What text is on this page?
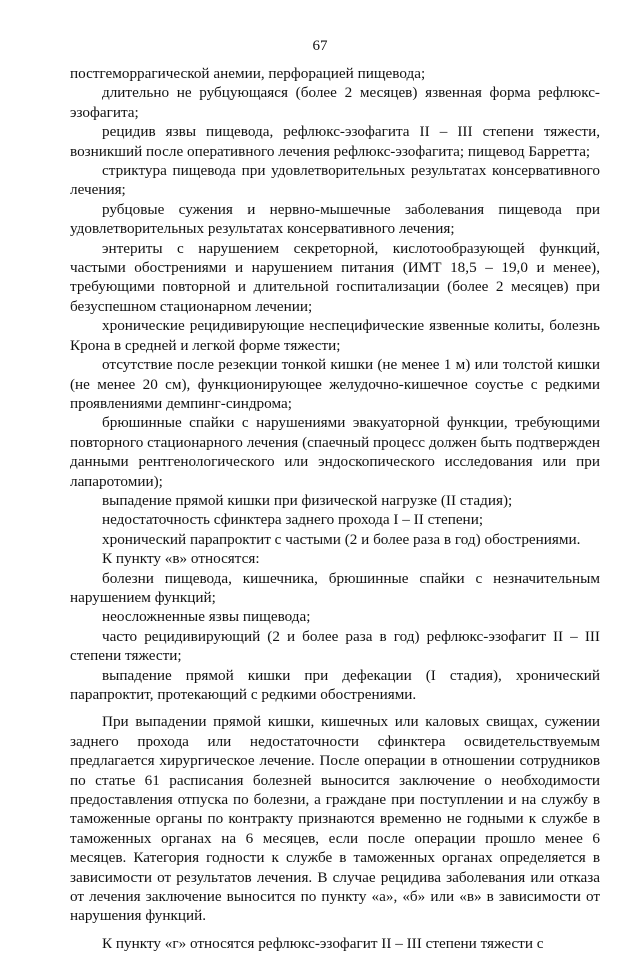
67

постгеморрагической анемии, перфорацией пищевода;

длительно не рубцующаяся (более 2 месяцев) язвенная форма рефлюкс-эзофагита;

рецидив язвы пищевода, рефлюкс-эзофагита II – III степени тяжести, возникший после оперативного лечения рефлюкс-эзофагита; пищевод Барретта;

стриктура пищевода при удовлетворительных результатах консервативного лечения;

рубцовые сужения и нервно-мышечные заболевания пищевода при удовлетворительных результатах консервативного лечения;

энтериты с нарушением секреторной, кислотообразующей функций, частыми обострениями и нарушением питания (ИМТ 18,5 – 19,0 и менее), требующими повторной и длительной госпитализации (более 2 месяцев) при безуспешном стационарном лечении;

хронические рецидивирующие неспецифические язвенные колиты, болезнь Крона в средней и легкой форме тяжести;

отсутствие после резекции тонкой кишки (не менее 1 м) или толстой кишки (не менее 20 см), функционирующее желудочно-кишечное соустье с редкими проявлениями демпинг-синдрома;

брюшинные спайки с нарушениями эвакуаторной функции, требующими повторного стационарного лечения (спаечный процесс должен быть подтвержден данными рентгенологического или эндоскопического исследования или при лапаротомии);

выпадение прямой кишки при физической нагрузке (II стадия);

недостаточность сфинктера заднего прохода I – II степени;

хронический парапроктит с частыми (2 и более раза в год) обострениями.

К пункту «в» относятся:

болезни пищевода, кишечника, брюшинные спайки с незначительным нарушением функций;

неосложненные язвы пищевода;

часто рецидивирующий (2 и более раза в год) рефлюкс-эзофагит II – III степени тяжести;

выпадение прямой кишки при дефекации (I стадия), хронический парапроктит, протекающий с редкими обострениями.

При выпадении прямой кишки, кишечных или каловых свищах, сужении заднего прохода или недостаточности сфинктера освидетельствуемым предлагается хирургическое лечение. После операции в отношении сотрудников по статье 61 расписания болезней выносится заключение о необходимости предоставления отпуска по болезни, а граждане при поступлении и на службу в таможенные органы по контракту признаются временно не годными к службе в таможенных органах на 6 месяцев, если после операции прошло менее 6 месяцев. Категория годности к службе в таможенных органах определяется в зависимости от результатов лечения. В случае рецидива заболевания или отказа от лечения заключение выносится по пункту «а», «б» или «в» в зависимости от нарушения функций.

К пункту «г» относятся рефлюкс-эзофагит II – III степени тяжести с
